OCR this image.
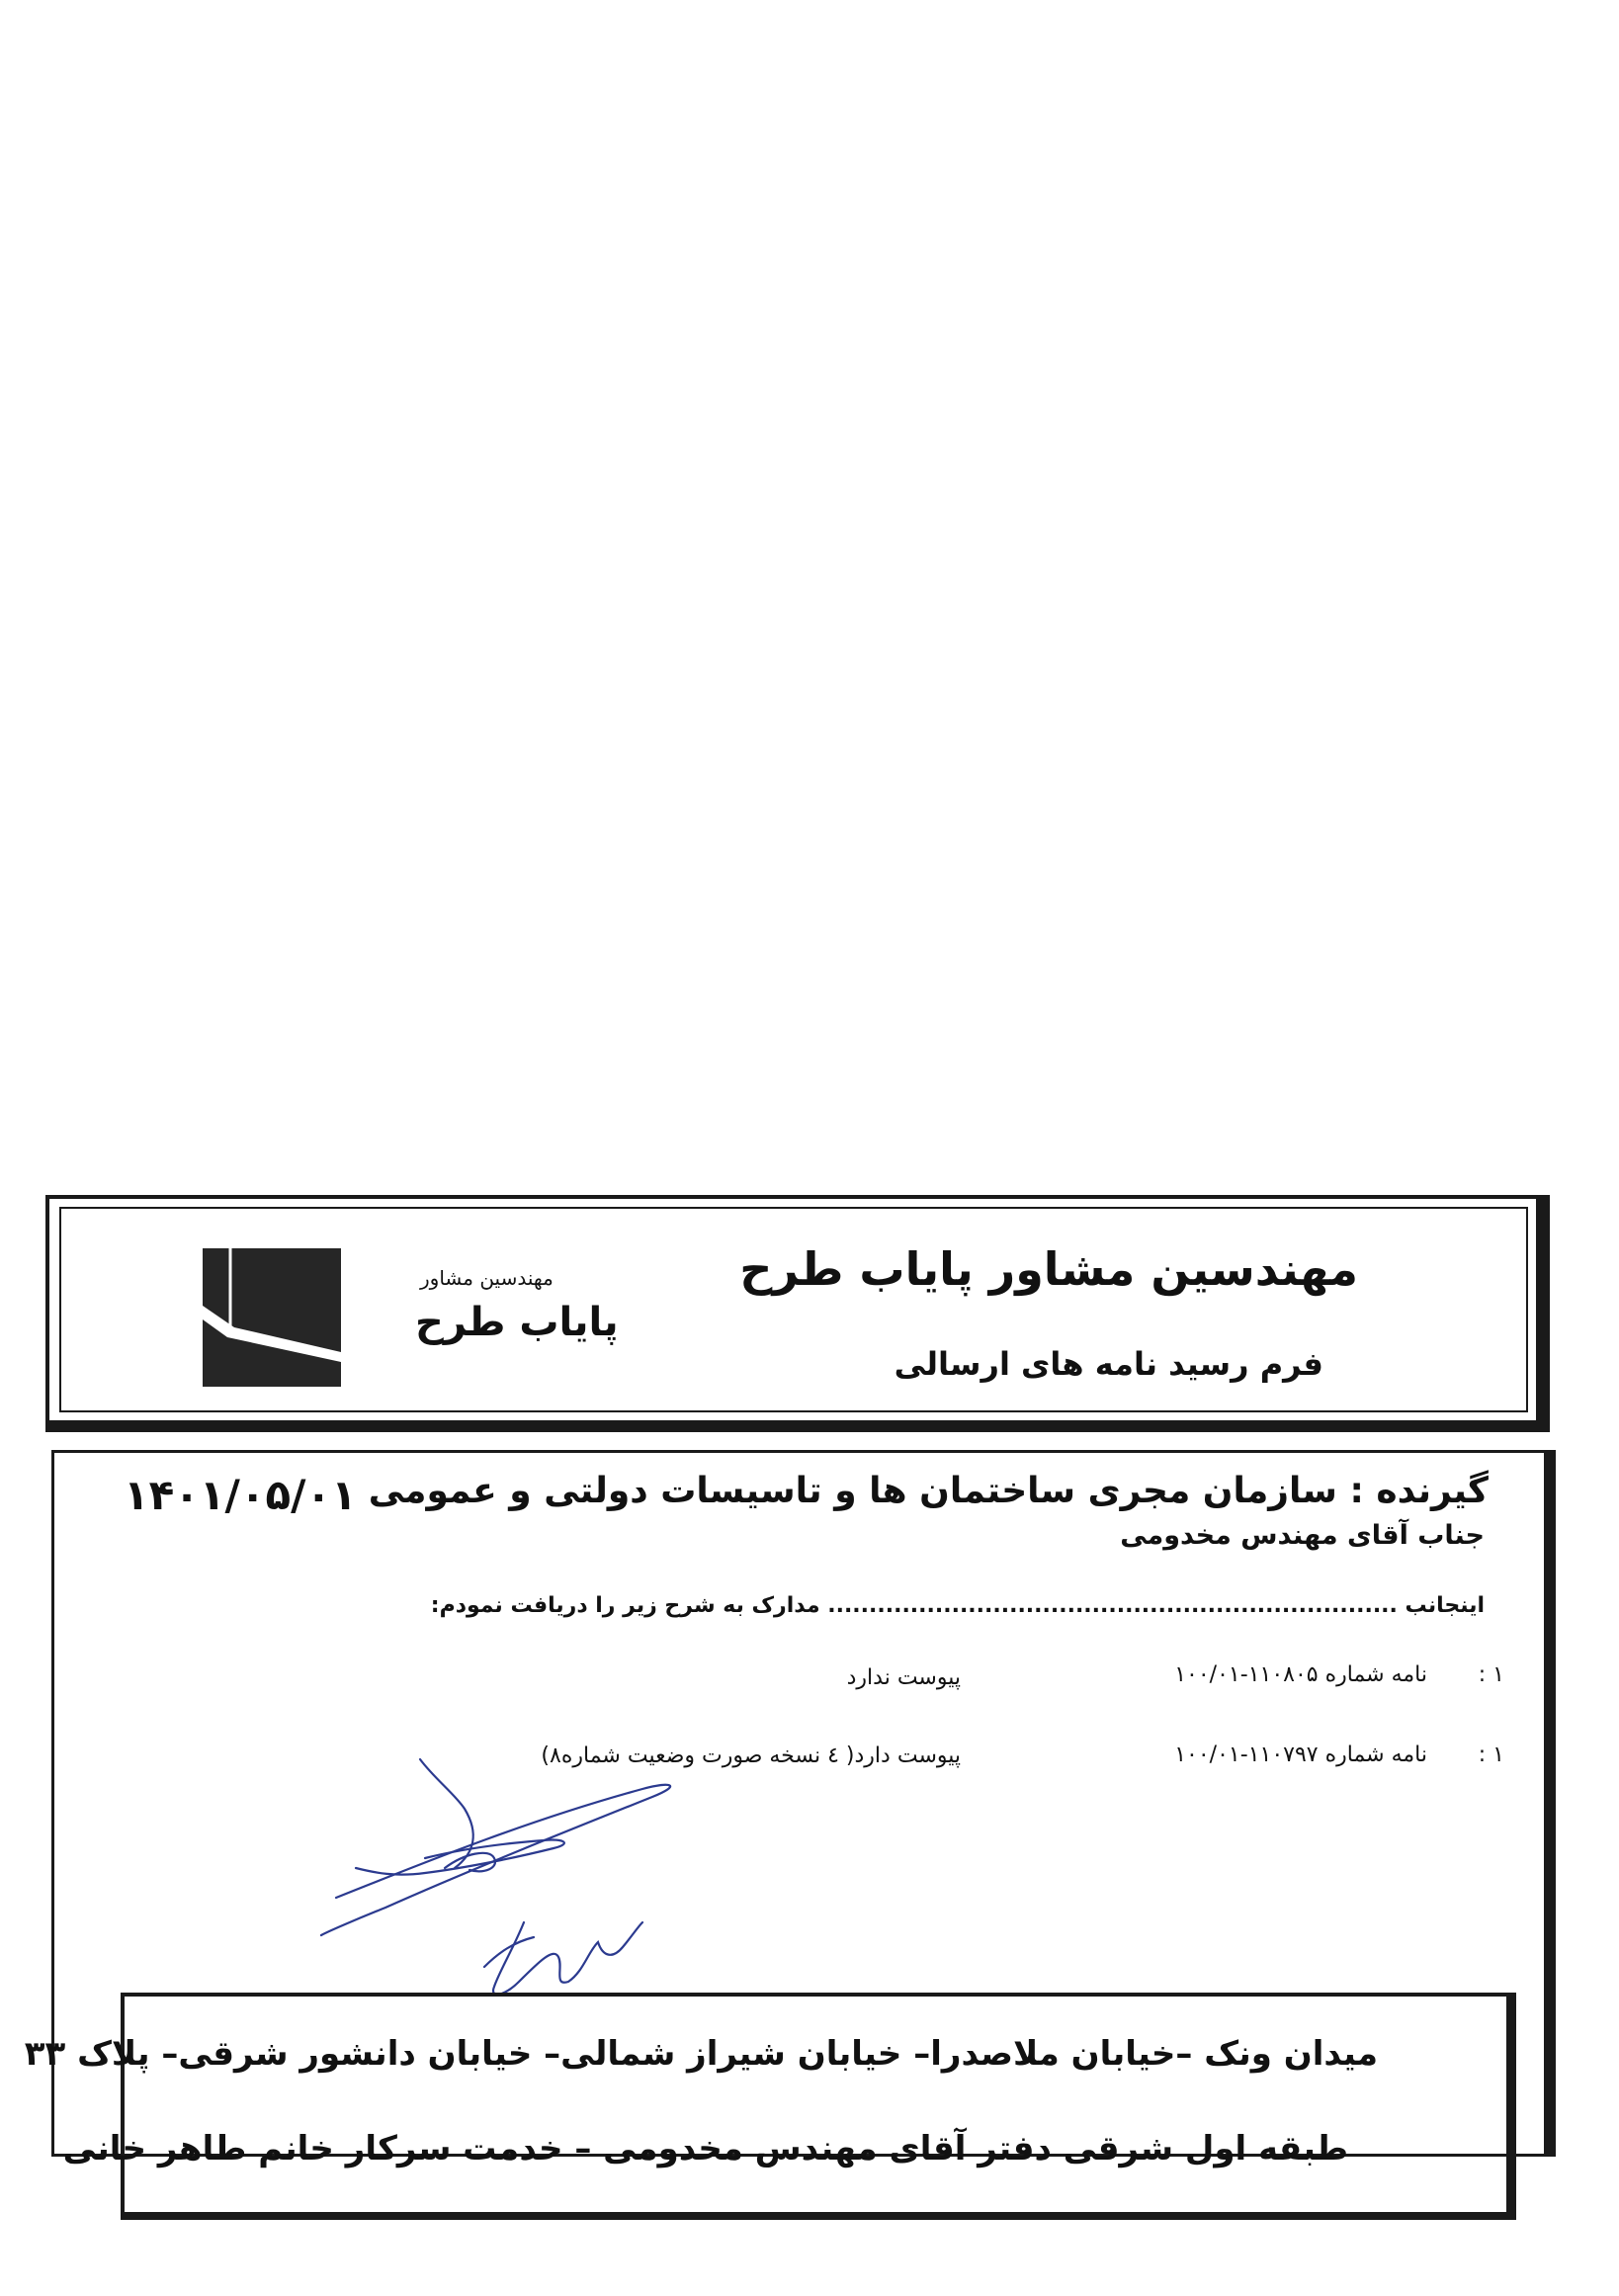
مهندسین مشاور پایاب طرح
فرم رسید نامه های ارسالی
مهندسین مشاور
پایاب طرح
گیرنده : سازمان مجری ساختمان ها و تاسیسات دولتی و عمومی
۱۴۰۱/۰۵/۰۱
جناب آقای مهندس مخدومی
اینجانب ..................................................................... مدارک به شرح زیر را دریافت نمودم:
۱ :
نامه شماره ۱۱۰۸۰۵-۱۰۰/۰۱
پیوست ندارد
۱ :
نامه شماره ۱۱۰۷۹۷-۱۰۰/۰۱
پیوست دارد( ٤ نسخه صورت وضعیت شماره۸)
میدان ونک –خیابان ملاصدرا– خیابان شیراز شمالی– خیابان دانشور شرقی– پلاک ۳۳
طبقه اول شرقی دفتر آقای مهندس مخدومی – خدمت سرکار خانم طاهر خانی
